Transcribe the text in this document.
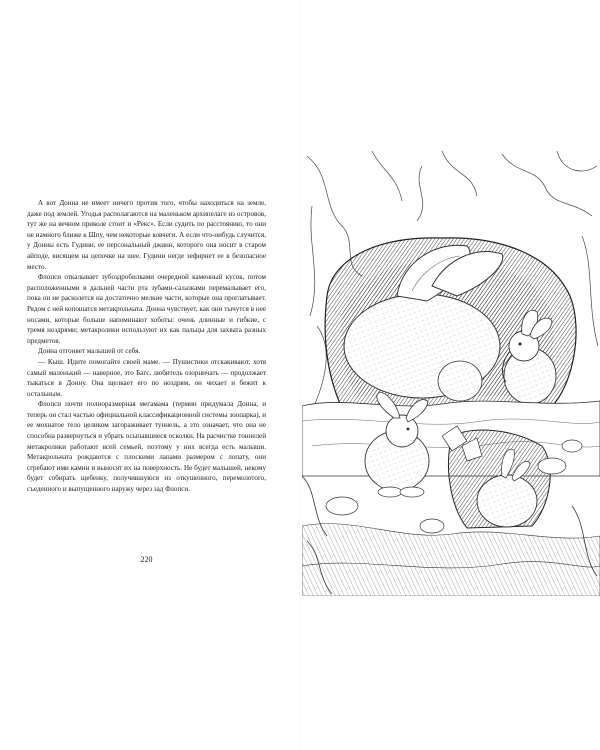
А вот Донна не имеет ничего против того, чтобы находиться на земле, даже под землей. Угодья располагаются на маленьком архипелаге из островов, тут же на вечном приколе стоит и «Рекс». Если судить по расстоянию, то они не намного ближе к Шпу, чем некоторые ковчеги. А если что-нибудь случится, у Донны есть Гудини, ее персональный джинн, которого она носит в старом айподе, висящем на цепочке на шее. Гудини негде зефирнет ее в безопасное место.

Флопси откалывает зубоздробилками очередной каменный кусок, потом расположенными в дальней части рта зубами-салазками перемалывает его, пока он не расколется на достаточно мелкие части, которые она проглатывает. Рядом с ней копошатся метакрольчата. Донна чувствует, как они тычутся в нее носами, которые больше напоминают хоботы: очень длинные и гибкие, с тремя ноздрями; метакролики используют их как пальцы для захвата разных предметов.

Донна отгоняет малышей от себя.

— Кыш. Идите помогайте своей маме. — Пушистики отскакивают, хотя самый маленький — наверное, это Багс, любитель озорничать — продолжает тыкаться в Донну. Она щелкает его по ноздрям, он чихает и бежит к остальным.

Флопси почти полноразмерная мегамама (термин придумала Донна, и теперь он стал частью официальной классификационной системы зоопарка), и ее мохнатое тело целиком загораживает туннель, а это означает, что она не способна развернуться и убрать осыпавшиеся осколки. На расчистке тоннелей метакролики работают всей семьей, поэтому у них всегда есть малыши. Метакрольчата рождаются с плоскими лапами размером с лопату, они сгребают ими камни и выносят их на поверхность. Не будет малышей, некому будет собирать щебенку, получившуюся из откушенного, перемолотого, съеденного и выпущенного наружу через зад Флопси.

220
